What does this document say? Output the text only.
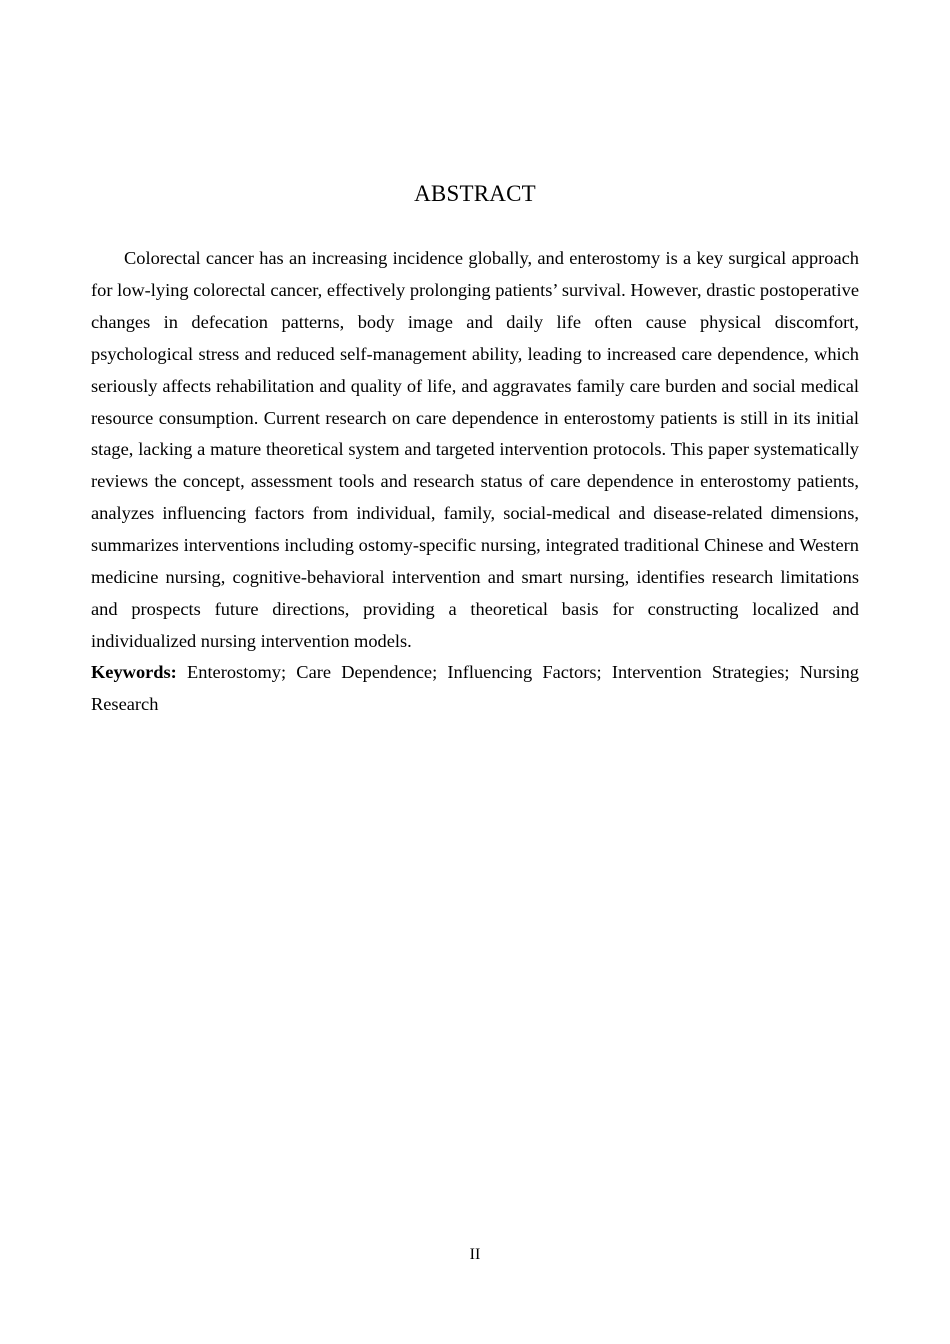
ABSTRACT

Colorectal cancer has an increasing incidence globally, and enterostomy is a key surgical approach for low-lying colorectal cancer, effectively prolonging patients’ survival. However, drastic postoperative changes in defecation patterns, body image and daily life often cause physical discomfort, psychological stress and reduced self-management ability, leading to increased care dependence, which seriously affects rehabilitation and quality of life, and aggravates family care burden and social medical resource consumption. Current research on care dependence in enterostomy patients is still in its initial stage, lacking a mature theoretical system and targeted intervention protocols. This paper systematically reviews the concept, assessment tools and research status of care dependence in enterostomy patients, analyzes influencing factors from individual, family, social-medical and disease-related dimensions, summarizes interventions including ostomy-specific nursing, integrated traditional Chinese and Western medicine nursing, cognitive-behavioral intervention and smart nursing, identifies research limitations and prospects future directions, providing a theoretical basis for constructing localized and individualized nursing intervention models.

Keywords: Enterostomy; Care Dependence; Influencing Factors; Intervention Strategies; Nursing Research

II
